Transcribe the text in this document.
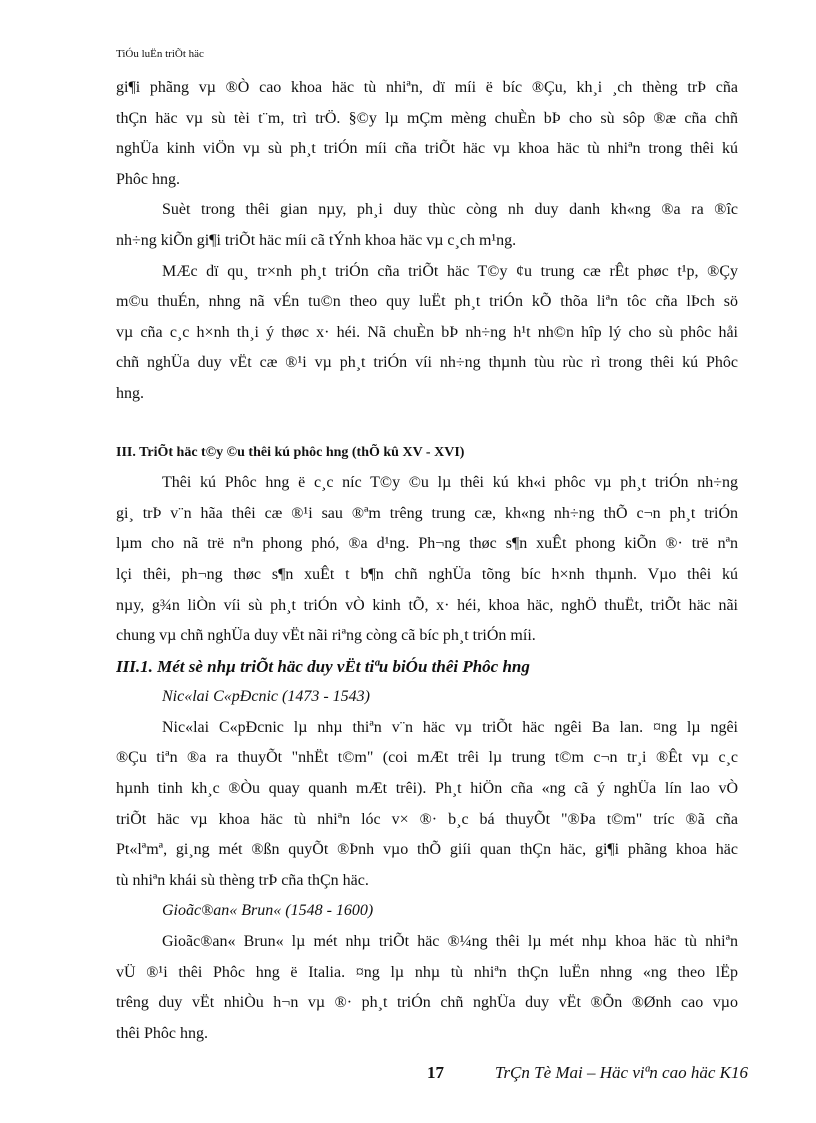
TiÓu luËn triÕt häc
gi¶i phãng vµ ®Ò cao khoa häc tù nhiªn, dï míi ë bíc ®Çu, kh¸i ¸ch thèng trÞ cña
thÇn häc vµ sù tèi t¨m, trì trÖ. §©y lµ mÇm mèng chuÈn bÞ cho sù sôp ®æ cña chñ
nghÜa kinh viÖn vµ sù ph¸t triÓn míi cña triÕt häc vµ khoa häc tù nhiªn trong thêi kú
Phôc hng.
Suèt trong thêi gian nµy, ph¸i duy thùc còng nh duy danh kh«ng ®a ra ®îc
nh÷ng kiÕn gi¶i triÕt häc míi cã tÝnh khoa häc vµ c¸ch m¹ng.
MÆc dï qu¸ tr×nh ph¸t triÓn cña triÕt häc T©y ¢u trung cæ rÊt phøc t¹p, ®Çy
m©u thuÉn, nhng nã vÉn tu©n theo quy luËt ph¸t triÓn kÕ thõa liªn tôc cña lÞch sö
vµ cña c¸c h×nh th¸i ý thøc x· héi. Nã chuÈn bÞ nh÷ng h¹t nh©n hîp lý cho sù phôc håi
chñ nghÜa duy vËt cæ ®¹i vµ ph¸t triÓn víi nh÷ng thµnh tùu rùc rì trong thêi kú Phôc
hng.
III. TriÕt häc t©y ©u thêi kú phôc hng (thÕ kû XV - XVI)
Thêi kú Phôc hng ë c¸c níc T©y ©u lµ thêi kú kh«i phôc vµ ph¸t triÓn nh÷ng
gi¸ trÞ v¨n hãa thêi cæ ®¹i sau ®ªm trêng trung cæ, kh«ng nh÷ng thÕ c¬n ph¸t triÓn
lµm cho nã trë nªn phong phó, ®a d¹ng. Ph¬ng thøc s¶n xuÊt phong kiÕn ®· trë nªn
lçi thêi, ph¬ng thøc s¶n xuÊt t b¶n chñ nghÜa tõng bíc h×nh thµnh. Vµo thêi kú
nµy, g¾n liÒn víi sù ph¸t triÓn vÒ kinh tÕ, x· héi, khoa häc, nghÖ thuËt, triÕt häc nãi
chung vµ chñ nghÜa duy vËt nãi riªng còng cã bíc ph¸t triÓn míi.
III.1. Mét sè nhµ triÕt häc duy vËt tiªu biÓu thêi Phôc hng
Nic«lai C«pÐcnic (1473 - 1543)
Nic«lai C«pÐcnic lµ nhµ thiªn v¨n häc vµ triÕt häc ngêi Ba lan. ¤ng lµ ngêi
®Çu tiªn ®a ra thuyÕt "nhËt t©m" (coi mÆt trêi lµ trung t©m c¬n tr¸i ®Êt vµ c¸c
hµnh tinh kh¸c ®Òu quay quanh mÆt trêi). Ph¸t hiÖn cña «ng cã ý nghÜa lín lao vÒ
triÕt häc vµ khoa häc tù nhiªn lóc v× ®· b¸c bá thuyÕt "®Þa t©m" tríc ®ã cña
Pt«lªmª, gi¸ng mét ®ßn quyÕt ®Þnh vµo thÕ giíi quan thÇn häc, gi¶i phãng khoa häc
tù nhiªn khái sù thèng trÞ cña thÇn häc.
Gioãc®an« Brun« (1548 - 1600)
Gioãc®an« Brun« lµ mét nhµ triÕt häc ®¼ng thêi lµ mét nhµ khoa häc tù nhiªn
vÜ ®¹i thêi Phôc hng ë Italia. ¤ng lµ nhµ tù nhiªn thÇn luËn nhng «ng theo lËp
trêng duy vËt nhiÒu h¬n vµ ®· ph¸t triÓn chñ nghÜa duy vËt ®Õn ®Ønh cao vµo
thêi Phôc hng.
17	TrÇn Tè Mai – Häc viªn cao häc K16
